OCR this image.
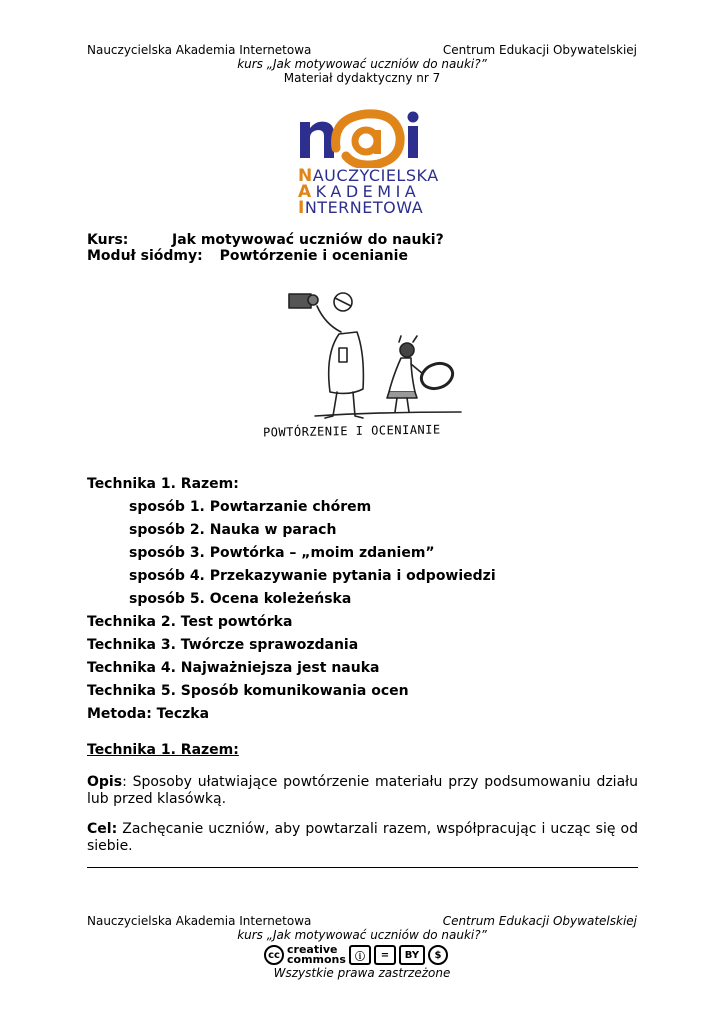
Nauczycielska Akademia Internetowa	Centrum Edukacji Obywatelskiej
kurs „Jak motywować uczniów do nauki?”
Materiał dydaktyczny nr 7
NAUCZYCIELSKA
AKADEMIA
INTERNETOWA
Kurs:	Jak motywować uczniów do nauki?
Moduł siódmy: Powtórzenie i ocenianie
POWTÓRZENIE I OCENIANIE
Technika 1. Razem:
sposób 1. Powtarzanie chórem
sposób 2. Nauka w parach
sposób 3. Powtórka – „moim zdaniem”
sposób 4. Przekazywanie pytania i odpowiedzi
sposób 5. Ocena koleżeńska
Technika 2. Test powtórka
Technika 3. Twórcze sprawozdania
Technika 4. Najważniejsza jest nauka
Technika 5. Sposób komunikowania ocen
Metoda: Teczka
Technika 1. Razem:
Opis: Sposoby ułatwiające powtórzenie materiału przy podsumowaniu działu lub przed klasówką.
Cel: Zachęcanie uczniów, aby powtarzali razem, współpracując i ucząc się od siebie.
Nauczycielska Akademia Internetowa	Centrum Edukacji Obywatelskiej
kurs „Jak motywować uczniów do nauki?”
cc creative
commons ⓘ	=	BY	$
Wszystkie prawa zastrzeżone
